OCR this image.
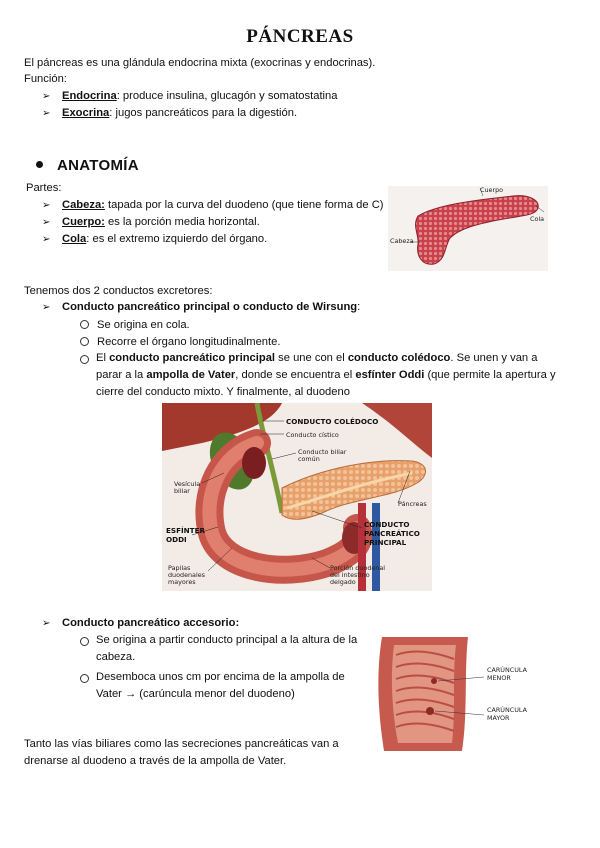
PÁNCREAS
El páncreas es una glándula endocrina mixta (exocrinas y endocrinas).
Función:
➢ Endocrina: produce insulina, glucagón y somatostatina
➢ Exocrina: jugos pancreáticos para la digestión.
ANATOMÍA
Partes:
➢ Cabeza: tapada por la curva del duodeno (que tiene forma de C)
➢ Cuerpo: es la porción media horizontal.
➢ Cola: es el extremo izquierdo del órgano.
Cuerpo
Cola
Cabeza
Tenemos dos 2 conductos excretores:
➢ Conducto pancreático principal o conducto de Wirsung:
Se origina en cola.
Recorre el órgano longitudinalmente.
El conducto pancreático principal se une con el conducto colédoco. Se unen y van a parar a la ampolla de Vater, donde se encuentra el esfínter Oddi (que permite la apertura y cierre del conducto mixto. Y finalmente, al duodeno
CONDUCTO COLÉDOCO
Conducto cístico
Conducto biliar
común
Vesícula
biliar
Páncreas
ESFÍNTER
ODDI
CONDUCTO
PANCREÁTICO
PRINCIPAL
Papilas
duodenales
mayores
Porción duodenal
del intestino
delgado
➢ Conducto pancreático accesorio:
Se origina a partir conducto principal a la altura de la cabeza.
Desemboca unos cm por encima de la ampolla de Vater → (carúncula menor del duodeno)
CARÚNCULA
MENOR
CARÚNCULA
MAYOR
Tanto las vías biliares como las secreciones pancreáticas van a drenarse al duodeno a través de la ampolla de Vater.
